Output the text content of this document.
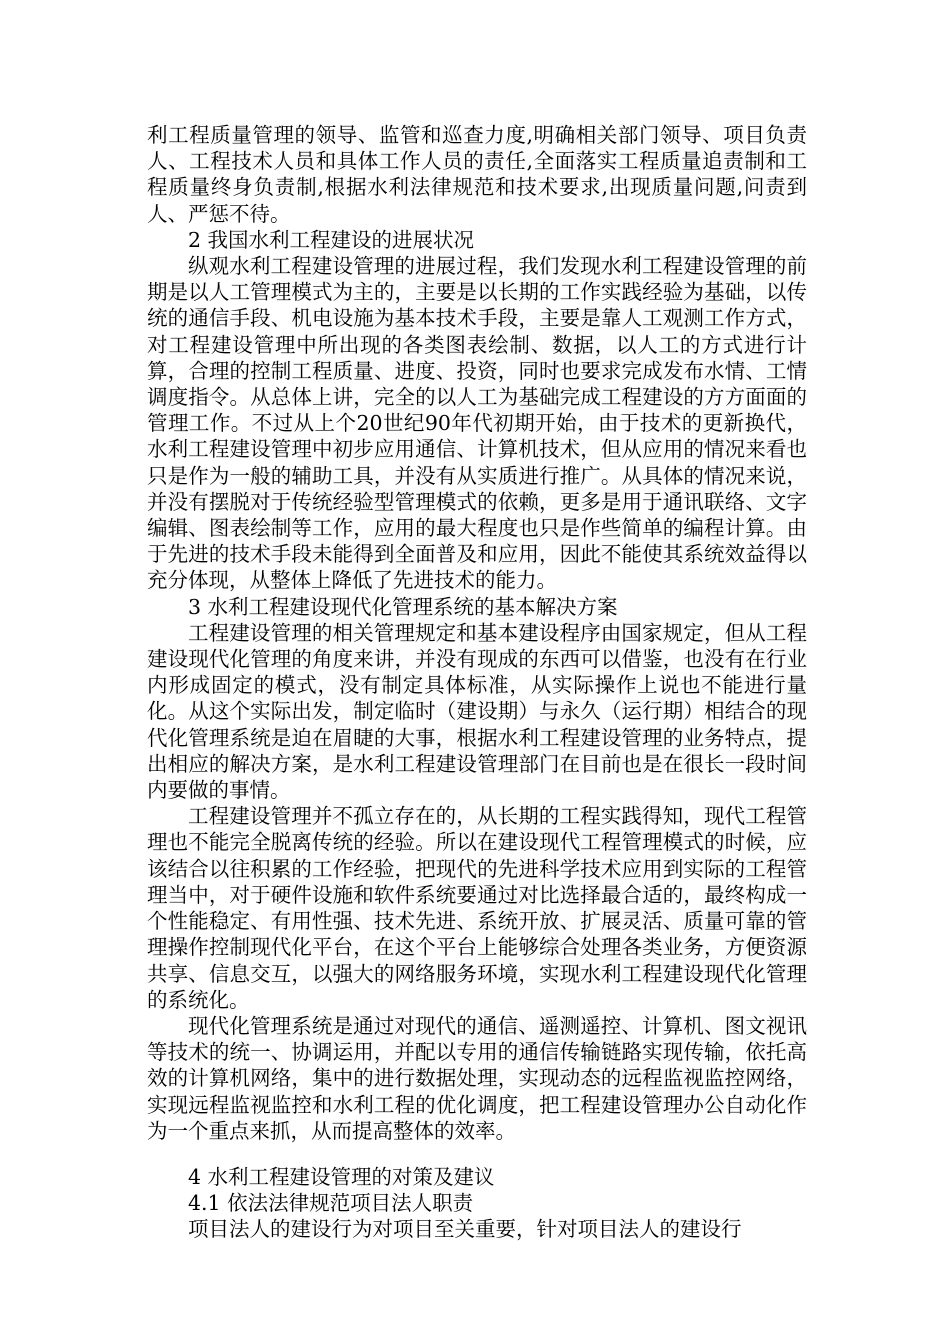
利工程质量管理的领导、监管和巡查力度,明确相关部门领导、项目负责人、工程技术人员和具体工作人员的责任,全面落实工程质量追责制和工程质量终身负责制,根据水利法律规范和技术要求,出现质量问题,问责到人、严惩不待。

2 我国水利工程建设的进展状况

纵观水利工程建设管理的进展过程，我们发现水利工程建设管理的前期是以人工管理模式为主的，主要是以长期的工作实践经验为基础，以传统的通信手段、机电设施为基本技术手段，主要是靠人工观测工作方式，对工程建设管理中所出现的各类图表绘制、数据，以人工的方式进行计算，合理的控制工程质量、进度、投资，同时也要求完成发布水情、工情调度指令。从总体上讲，完全的以人工为基础完成工程建设的方方面面的管理工作。不过从上个20世纪90年代初期开始，由于技术的更新换代，水利工程建设管理中初步应用通信、计算机技术，但从应用的情况来看也只是作为一般的辅助工具，并没有从实质进行推广。从具体的情况来说，并没有摆脱对于传统经验型管理模式的依赖，更多是用于通讯联络、文字编辑、图表绘制等工作，应用的最大程度也只是作些简单的编程计算。由于先进的技术手段未能得到全面普及和应用，因此不能使其系统效益得以充分体现，从整体上降低了先进技术的能力。

3 水利工程建设现代化管理系统的基本解决方案

工程建设管理的相关管理规定和基本建设程序由国家规定，但从工程建设现代化管理的角度来讲，并没有现成的东西可以借鉴，也没有在行业内形成固定的模式，没有制定具体标准，从实际操作上说也不能进行量化。从这个实际出发，制定临时（建设期）与永久（运行期）相结合的现代化管理系统是迫在眉睫的大事，根据水利工程建设管理的业务特点，提出相应的解决方案，是水利工程建设管理部门在目前也是在很长一段时间内要做的事情。

工程建设管理并不孤立存在的，从长期的工程实践得知，现代工程管理也不能完全脱离传统的经验。所以在建设现代工程管理模式的时候，应该结合以往积累的工作经验，把现代的先进科学技术应用到实际的工程管理当中，对于硬件设施和软件系统要通过对比选择最合适的，最终构成一个性能稳定、有用性强、技术先进、系统开放、扩展灵活、质量可靠的管理操作控制现代化平台，在这个平台上能够综合处理各类业务，方便资源共享、信息交互，以强大的网络服务环境，实现水利工程建设现代化管理的系统化。

现代化管理系统是通过对现代的通信、遥测遥控、计算机、图文视讯等技术的统一、协调运用，并配以专用的通信传输链路实现传输，依托高效的计算机网络，集中的进行数据处理，实现动态的远程监视监控网络，实现远程监视监控和水利工程的优化调度，把工程建设管理办公自动化作为一个重点来抓，从而提高整体的效率。

4 水利工程建设管理的对策及建议

4.1 依法法律规范项目法人职责

项目法人的建设行为对项目至关重要，针对项目法人的建设行
